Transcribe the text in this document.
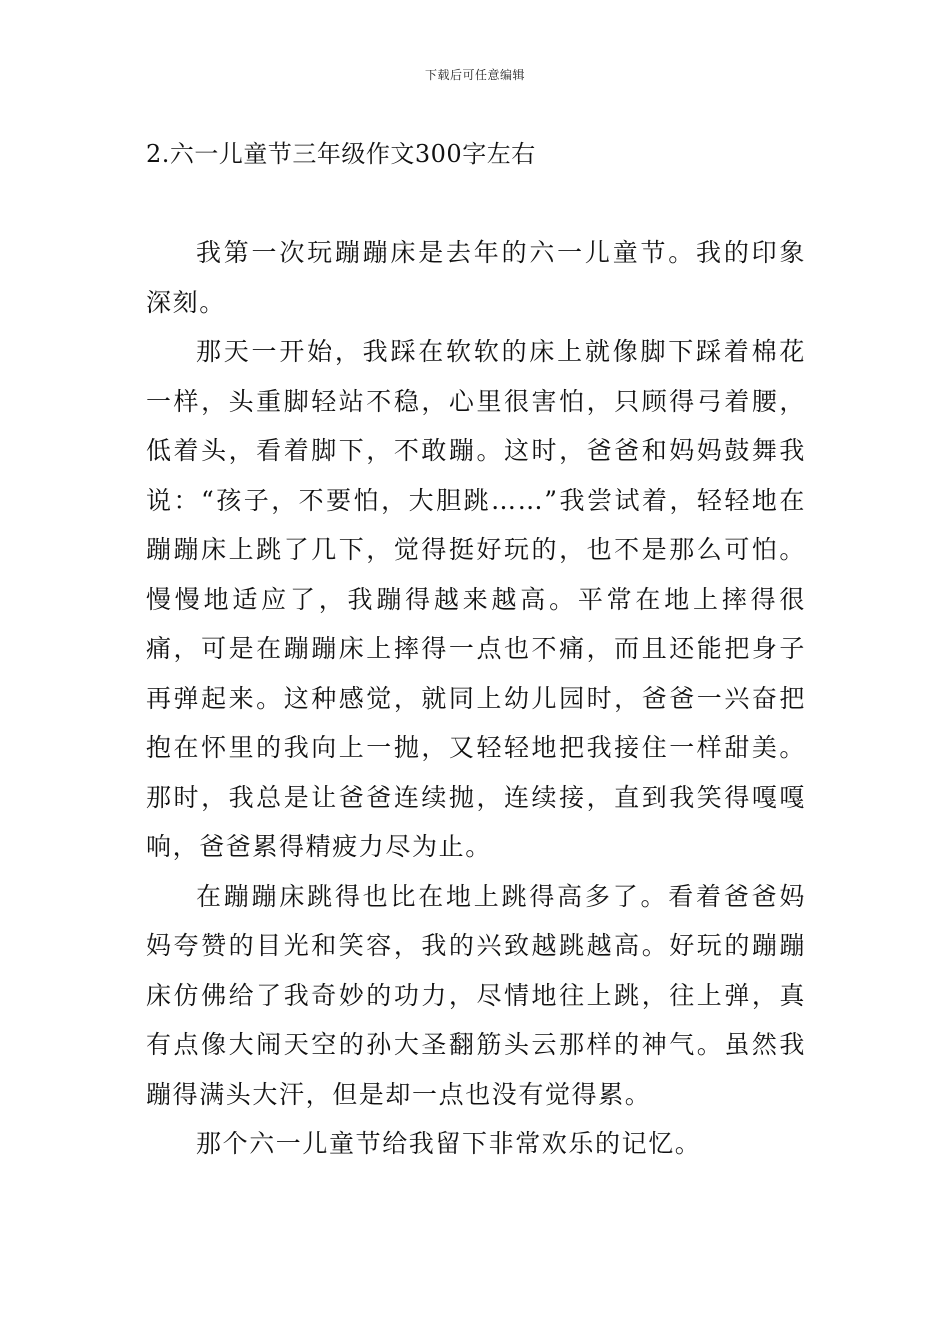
下载后可任意编辑
2.六一儿童节三年级作文300字左右

我第一次玩蹦蹦床是去年的六一儿童节。我的印象深刻。

那天一开始，我踩在软软的床上就像脚下踩着棉花一样，头重脚轻站不稳，心里很害怕，只顾得弓着腰，低着头，看着脚下，不敢蹦。这时，爸爸和妈妈鼓舞我说：“孩子，不要怕，大胆跳……”我尝试着，轻轻地在蹦蹦床上跳了几下，觉得挺好玩的，也不是那么可怕。慢慢地适应了，我蹦得越来越高。平常在地上摔得很痛，可是在蹦蹦床上摔得一点也不痛，而且还能把身子再弹起来。这种感觉，就同上幼儿园时，爸爸一兴奋把抱在怀里的我向上一抛，又轻轻地把我接住一样甜美。那时，我总是让爸爸连续抛，连续接，直到我笑得嘎嘎响，爸爸累得精疲力尽为止。

在蹦蹦床跳得也比在地上跳得高多了。看着爸爸妈妈夸赞的目光和笑容，我的兴致越跳越高。好玩的蹦蹦床仿佛给了我奇妙的功力，尽情地往上跳，往上弹，真有点像大闹天空的孙大圣翻筋头云那样的神气。虽然我蹦得满头大汗，但是却一点也没有觉得累。

那个六一儿童节给我留下非常欢乐的记忆。
